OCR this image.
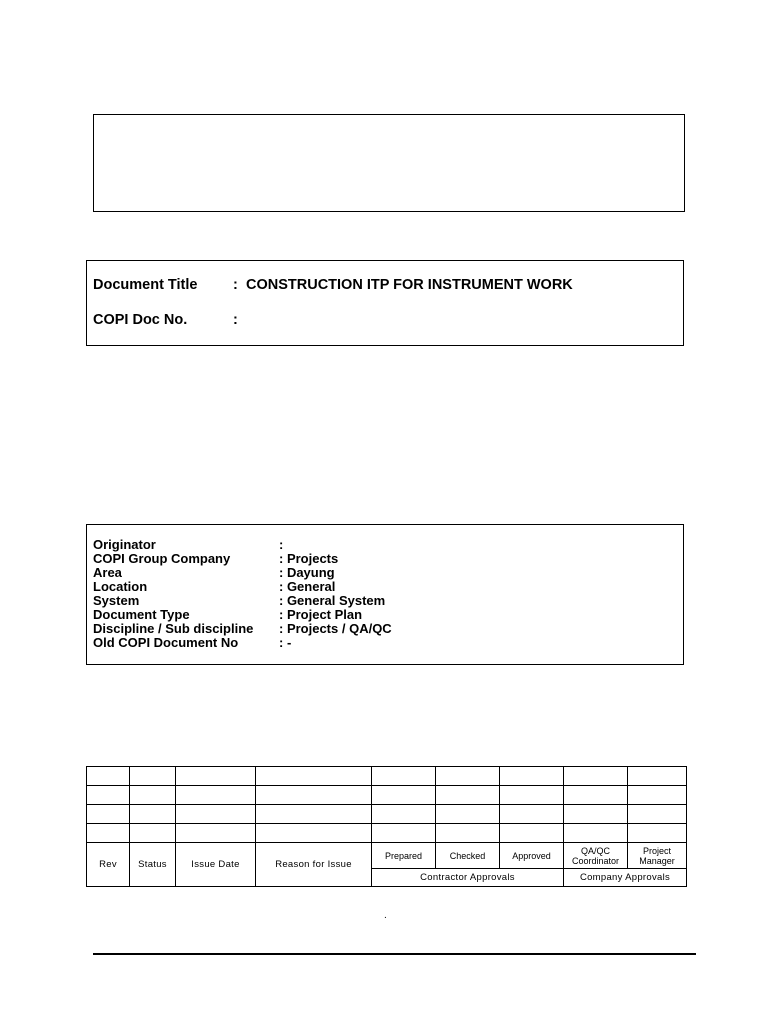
Document Title : CONSTRUCTION ITP FOR INSTRUMENT WORK
COPI Doc No.	:
Originator	:
COPI Group Company	: Projects
Area	: Dayung
Location	: General
System	: General System
Document Type	: Project Plan
Discipline / Sub discipline : Projects / QA/QC
Old COPI Document No	: -

Rev	Status	Issue Date	Reason for Issue	Prepared	Checked	Approved	QA/QC Coordinator	Project Manager
				Contractor Approvals			Company Approvals	
.
